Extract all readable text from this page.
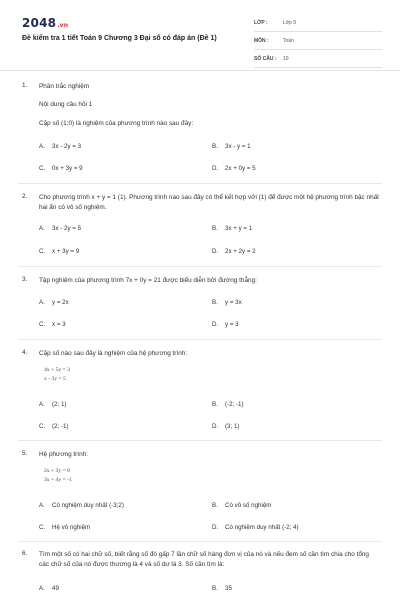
2048.vn
Đề kiểm tra 1 tiết Toán 9 Chương 3 Đại số có đáp án (Đề 1)
LỚP :	Lớp 9
MÔN :	Toán
SỐ CÂU : 10
1. Phần trắc nghiệm
Nội dung câu hỏi 1
Cặp số (1;0) là nghiệm của phương trình nào sau đây:
A. 3x - 2y = 3	B. 3x - y = 1
C. 0x + 3y = 9	D. 2x + 0y = 5
2. Cho phương trình x + y = 1 (1). Phương trình nào sau đây có thể kết hợp với (1) để được một hệ phương trình bậc nhất hai ẩn có vô số nghiệm.
A. 3x - 2y = 5	B. 3x + y = 1
C. x + 3y = 9	D. 2x + 2y = 2
3. Tập nghiệm của phương trình 7x + 0y = 21 được biểu diễn bởi đường thẳng:
A. y = 2x	B. y = 3x
C. x = 3	D. y = 3
4. Cặp số nào sau đây là nghiệm của hệ phương trình:
4x + 5y = 3
x - 3y = 5
A. (2; 1)	B. (-2; -1)
C. (2; -1)	D. (3; 1)
5. Hệ phương trình:
2x + 3y = 0
3x + 4y = -1
A. Có nghiệm duy nhất (-3;2)	B. Có vô số nghiệm
C. Hệ vô nghiệm	D. Có nghiệm duy nhất (-2; 4)
6. Tìm một số có hai chữ số, biết rằng số đó gấp 7 lần chữ số hàng đơn vị của nó và nếu đem số cần tìm chia cho tổng các chữ số của nó được thương là 4 và số dư là 3. Số cần tìm là:
A. 49	B. 35
